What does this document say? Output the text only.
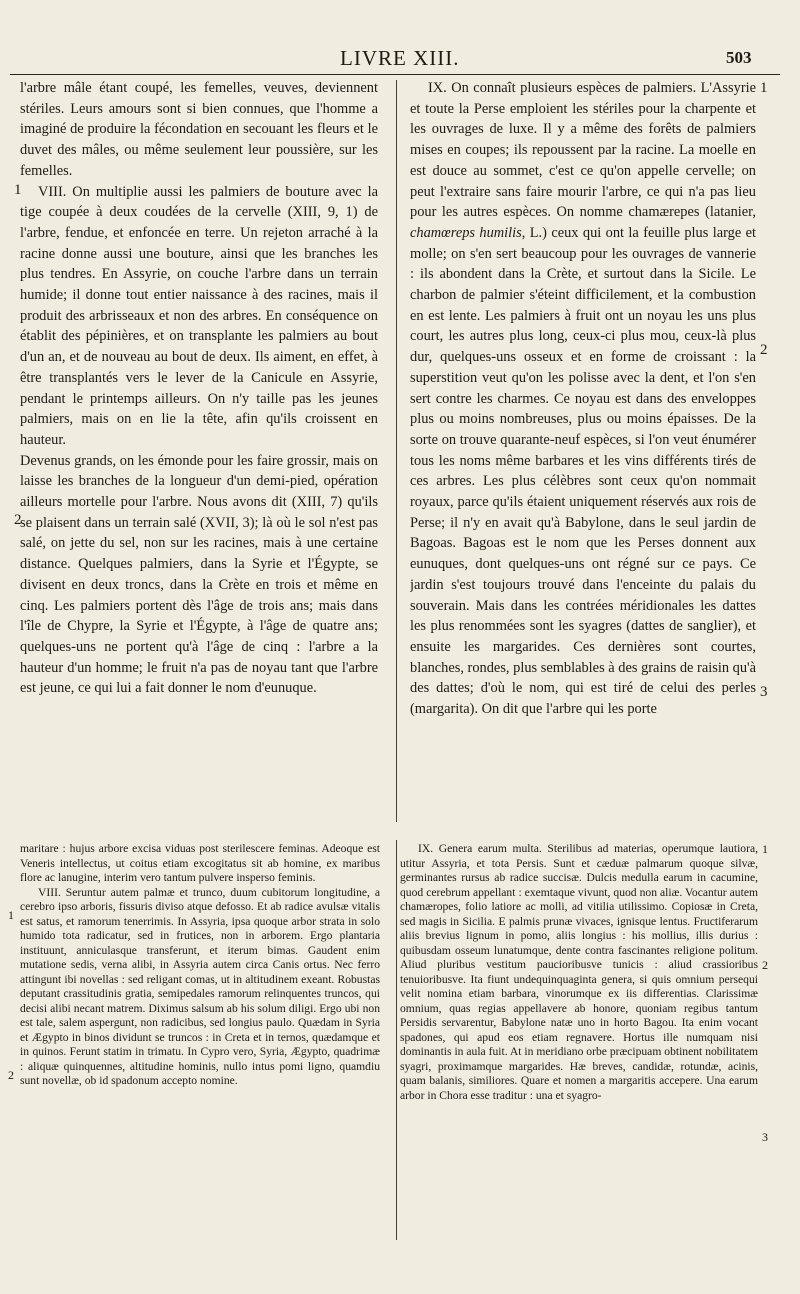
LIVRE XIII.	503
1
2
1
2
3
1
2
1
2
3

l'arbre mâle étant coupé, les femelles, veuves, deviennent stériles. Leurs amours sont si bien connues, que l'homme a imaginé de produire la fécondation en secouant les fleurs et le duvet des mâles, ou même seulement leur poussière, sur les femelles.

VIII. On multiplie aussi les palmiers de bouture avec la tige coupée à deux coudées de la cervelle (XIII, 9, 1) de l'arbre, fendue, et enfoncée en terre. Un rejeton arraché à la racine donne aussi une bouture, ainsi que les branches les plus tendres. En Assyrie, on couche l'arbre dans un terrain humide; il donne tout entier naissance à des racines, mais il produit des arbrisseaux et non des arbres. En conséquence on établit des pépinières, et on transplante les palmiers au bout d'un an, et de nouveau au bout de deux. Ils aiment, en effet, à être transplantés vers le lever de la Canicule en Assyrie, pendant le printemps ailleurs. On n'y taille pas les jeunes palmiers, mais on en lie la tête, afin qu'ils croissent en hauteur.

Devenus grands, on les émonde pour les faire grossir, mais on laisse les branches de la longueur d'un demi-pied, opération ailleurs mortelle pour l'arbre. Nous avons dit (XIII, 7) qu'ils se plaisent dans un terrain salé (XVII, 3); là où le sol n'est pas salé, on jette du sel, non sur les racines, mais à une certaine distance. Quelques palmiers, dans la Syrie et l'Égypte, se divisent en deux troncs, dans la Crète en trois et même en cinq. Les palmiers portent dès l'âge de trois ans; mais dans l'île de Chypre, la Syrie et l'Égypte, à l'âge de quatre ans; quelques-uns ne portent qu'à l'âge de cinq : l'arbre a la hauteur d'un homme; le fruit n'a pas de noyau tant que l'arbre est jeune, ce qui lui a fait donner le nom d'eunuque.

IX. On connaît plusieurs espèces de palmiers. L'Assyrie et toute la Perse emploient les stériles pour la charpente et les ouvrages de luxe. Il y a même des forêts de palmiers mises en coupes; ils repoussent par la racine. La moelle en est douce au sommet, c'est ce qu'on appelle cervelle; on peut l'extraire sans faire mourir l'arbre, ce qui n'a pas lieu pour les autres espèces. On nomme chamærepes (latanier, chamœreps humilis, L.) ceux qui ont la feuille plus large et molle; on s'en sert beaucoup pour les ouvrages de vannerie : ils abondent dans la Crète, et surtout dans la Sicile. Le charbon de palmier s'éteint difficilement, et la combustion en est lente. Les palmiers à fruit ont un noyau les uns plus court, les autres plus long, ceux-ci plus mou, ceux-là plus dur, quelques-uns osseux et en forme de croissant : la superstition veut qu'on les polisse avec la dent, et l'on s'en sert contre les charmes. Ce noyau est dans des enveloppes plus ou moins nombreuses, plus ou moins épaisses. De la sorte on trouve quarante-neuf espèces, si l'on veut énumérer tous les noms même barbares et les vins différents tirés de ces arbres. Les plus célèbres sont ceux qu'on nommait royaux, parce qu'ils étaient uniquement réservés aux rois de Perse; il n'y en avait qu'à Babylone, dans le seul jardin de Bagoas. Bagoas est le nom que les Perses donnent aux eunuques, dont quelques-uns ont régné sur ce pays. Ce jardin s'est toujours trouvé dans l'enceinte du palais du souverain. Mais dans les contrées méridionales les dattes les plus renommées sont les syagres (dattes de sanglier), et ensuite les margarides. Ces dernières sont courtes, blanches, rondes, plus semblables à des grains de raisin qu'à des dattes; d'où le nom, qui est tiré de celui des perles (margarita). On dit que l'arbre qui les porte

maritare : hujus arbore excisa viduas post sterilescere feminas. Adeoque est Veneris intellectus, ut coitus etiam excogitatus sit ab homine, ex maribus flore ac lanugine, interim vero tantum pulvere insperso feminis.

VIII. Seruntur autem palmæ et trunco, duum cubitorum longitudine, a cerebro ipso arboris, fissuris diviso atque defosso. Et ab radice avulsæ vitalis est satus, et ramorum tenerrimis. In Assyria, ipsa quoque arbor strata in solo humido tota radicatur, sed in frutices, non in arborem. Ergo plantaria instituunt, anniculasque transferunt, et iterum bimas. Gaudent enim mutatione sedis, verna alibi, in Assyria autem circa Canis ortus. Nec ferro attingunt ibi novellas : sed religant comas, ut in altitudinem exeant. Robustas deputant crassitudinis gratia, semipedales ramorum relinquentes truncos, qui decisi alibi necant matrem. Diximus salsum ab his solum diligi. Ergo ubi non est tale, salem aspergunt, non radicibus, sed longius paulo. Quædam in Syria et Ægypto in binos dividunt se truncos : in Creta et in ternos, quædamque et in quinos. Ferunt statim in trimatu. In Cypro vero, Syria, Ægypto, quadrimæ : aliquæ quinquennes, altitudine hominis, nullo intus pomi ligno, quamdiu sunt novellæ, ob id spadonum accepto nomine.

IX. Genera earum multa. Sterilibus ad materias, operumque lautiora, utitur Assyria, et tota Persis. Sunt et cæduæ palmarum quoque silvæ, germinantes rursus ab radice succisæ. Dulcis medulla earum in cacumine, quod cerebrum appellant : exemtaque vivunt, quod non aliæ. Vocantur autem chamæropes, folio latiore ac molli, ad vitilia utilissimo. Copiosæ in Creta, sed magis in Sicilia. E palmis prunæ vivaces, ignisque lentus. Fructiferarum aliis brevius lignum in pomo, aliis longius : his mollius, illis durius : quibusdam osseum lunatumque, dente contra fascinantes religione politum. Aliud pluribus vestitum paucioribusve tunicis : aliud crassioribus tenuioribusve. Ita fiunt undequinquaginta genera, si quis omnium persequi velit nomina etiam barbara, vinorumque ex iis differentias. Clarissimæ omnium, quas regias appellavere ab honore, quoniam regibus tantum Persidis servarentur, Babylone natæ uno in horto Bagou. Ita enim vocant spadones, qui apud eos etiam regnavere. Hortus ille numquam nisi dominantis in aula fuit. At in meridiano orbe præcipuam obtinent nobilitatem syagri, proximamque margarides. Hæ breves, candidæ, rotundæ, acinis, quam balanis, similiores. Quare et nomen a margaritis accepere. Una earum arbor in Chora esse traditur : una et syagro-
